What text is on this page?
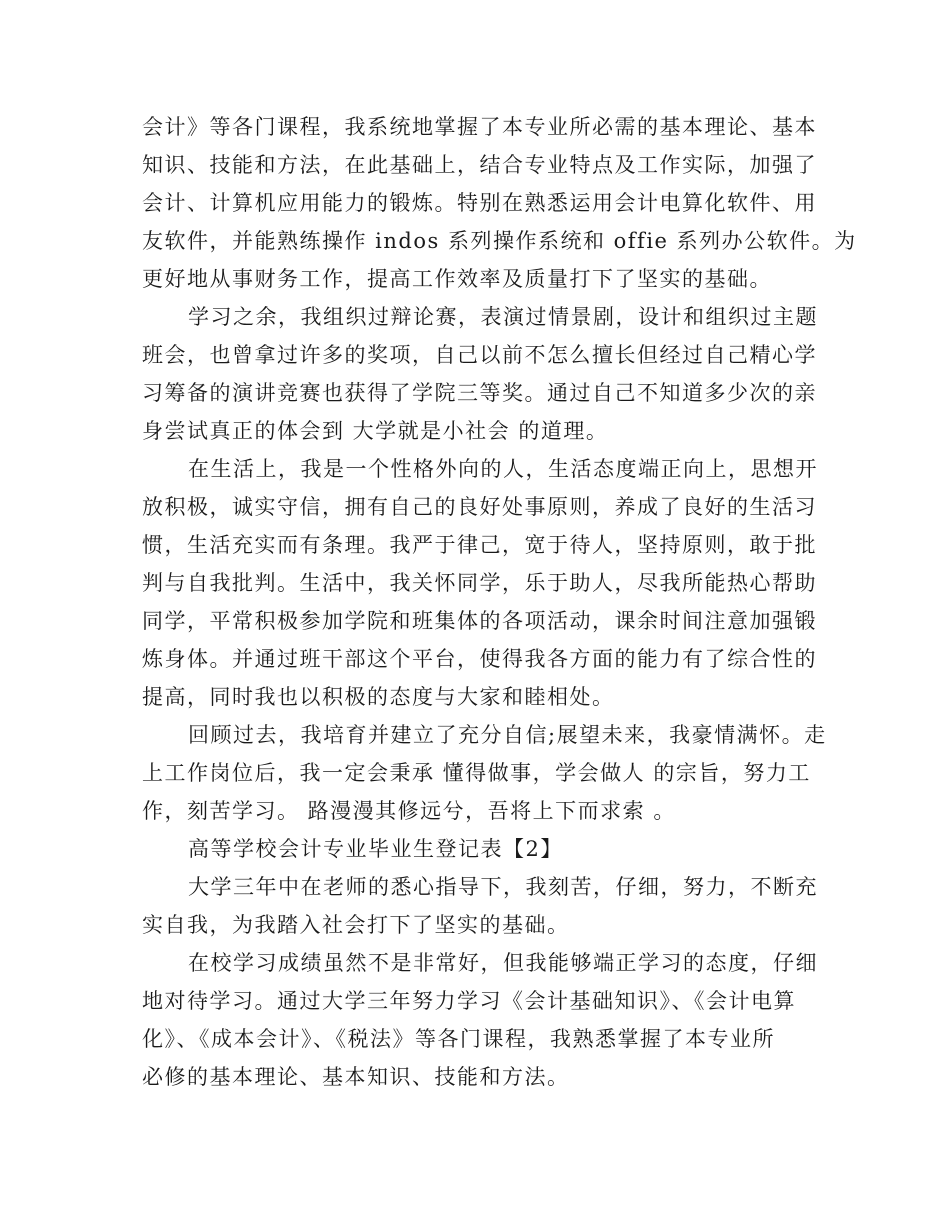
会计》等各门课程，我系统地掌握了本专业所必需的基本理论、基本
知识、技能和方法，在此基础上，结合专业特点及工作实际，加强了
会计、计算机应用能力的锻炼。特别在熟悉运用会计电算化软件、用
友软件，并能熟练操作 indos 系列操作系统和 offie 系列办公软件。为
更好地从事财务工作，提高工作效率及质量打下了坚实的基础。
学习之余，我组织过辩论赛，表演过情景剧，设计和组织过主题
班会，也曾拿过许多的奖项，自己以前不怎么擅长但经过自己精心学
习筹备的演讲竞赛也获得了学院三等奖。通过自己不知道多少次的亲
身尝试真正的体会到 大学就是小社会 的道理。
在生活上，我是一个性格外向的人，生活态度端正向上，思想开
放积极，诚实守信，拥有自己的良好处事原则，养成了良好的生活习
惯，生活充实而有条理。我严于律己，宽于待人，坚持原则，敢于批
判与自我批判。生活中，我关怀同学，乐于助人，尽我所能热心帮助
同学，平常积极参加学院和班集体的各项活动，课余时间注意加强锻
炼身体。并通过班干部这个平台，使得我各方面的能力有了综合性的
提高，同时我也以积极的态度与大家和睦相处。
回顾过去，我培育并建立了充分自信;展望未来，我豪情满怀。走
上工作岗位后，我一定会秉承 懂得做事，学会做人 的宗旨，努力工
作，刻苦学习。 路漫漫其修远兮，吾将上下而求索 。
高等学校会计专业毕业生登记表【2】
大学三年中在老师的悉心指导下，我刻苦，仔细，努力，不断充
实自我，为我踏入社会打下了坚实的基础。
在校学习成绩虽然不是非常好，但我能够端正学习的态度，仔细
地对待学习。通过大学三年努力学习《会计基础知识》、《会计电算
化》、《成本会计》、《税法》等各门课程，我熟悉掌握了本专业所
必修的基本理论、基本知识、技能和方法。
